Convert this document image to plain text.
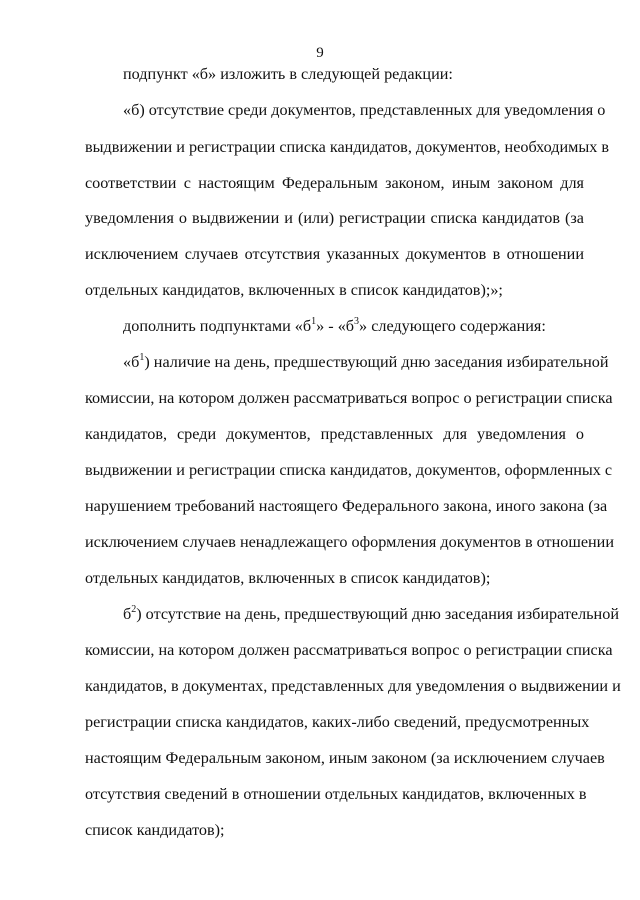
9
подпункт «б» изложить в следующей редакции:
«б) отсутствие среди документов, представленных для уведомления о
выдвижении и регистрации списка кандидатов, документов, необходимых в
соответствии с настоящим Федеральным законом, иным законом для
уведомления о выдвижении и (или) регистрации списка кандидатов (за
исключением случаев отсутствия указанных документов в отношении
отдельных кандидатов, включенных в список кандидатов);»;
дополнить подпунктами «$б^1$» - «$б^3$» следующего содержания:
«$б^1$) наличие на день, предшествующий дню заседания избирательной
комиссии, на котором должен рассматриваться вопрос о регистрации списка
кандидатов, среди документов, представленных для уведомления о
выдвижении и регистрации списка кандидатов, документов, оформленных с
нарушением требований настоящего Федерального закона, иного закона (за
исключением случаев ненадлежащего оформления документов в отношении
отдельных кандидатов, включенных в список кандидатов);
$б^2$) отсутствие на день, предшествующий дню заседания избирательной
комиссии, на котором должен рассматриваться вопрос о регистрации списка
кандидатов, в документах, представленных для уведомления о выдвижении и
регистрации списка кандидатов, каких-либо сведений, предусмотренных
настоящим Федеральным законом, иным законом (за исключением случаев
отсутствия сведений в отношении отдельных кандидатов, включенных в
список кандидатов);
